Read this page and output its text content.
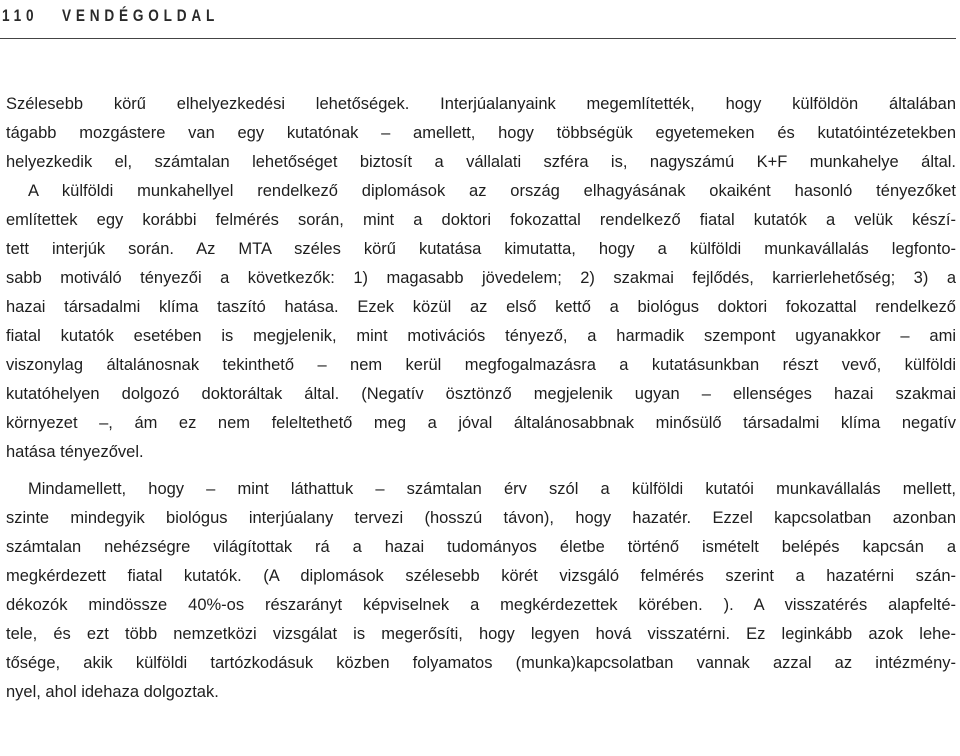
110 VENDÉGOLDAL
Szélesebb körű elhelyezkedési lehetőségek. Interjúalanyaink megemlítették, hogy külföldön általában
tágabb mozgástere van egy kutatónak – amellett, hogy többségük egyetemeken és kutatóintézetekben
helyezkedik el, számtalan lehetőséget biztosít a vállalati szféra is, nagyszámú K+F munkahelye által.
A külföldi munkahellyel rendelkező diplomások az ország elhagyásának okaiként hasonló tényezőket
említettek egy korábbi felmérés során, mint a doktori fokozattal rendelkező fiatal kutatók a velük készí-
tett interjúk során. Az MTA széles körű kutatása kimutatta, hogy a külföldi munkavállalás legfonto-
sabb motiváló tényezői a következők: 1) magasabb jövedelem; 2) szakmai fejlődés, karrierlehetőség; 3) a
hazai társadalmi klíma taszító hatása. Ezek közül az első kettő a biológus doktori fokozattal rendelkező
fiatal kutatók esetében is megjelenik, mint motivációs tényező, a harmadik szempont ugyanakkor – ami
viszonylag általánosnak tekinthető – nem kerül megfogalmazásra a kutatásunkban részt vevő, külföldi
kutatóhelyen dolgozó doktoráltak által. (Negatív ösztönző megjelenik ugyan – ellenséges hazai szakmai
környezet –, ám ez nem feleltethető meg a jóval általánosabbnak minősülő társadalmi klíma negatív
hatása tényezővel.
Mindamellett, hogy – mint láthattuk – számtalan érv szól a külföldi kutatói munkavállalás mellett,
szinte mindegyik biológus interjúalany tervezi (hosszú távon), hogy hazatér. Ezzel kapcsolatban azonban
számtalan nehézségre világítottak rá a hazai tudományos életbe történő ismételt belépés kapcsán a
megkérdezett fiatal kutatók. (A diplomások szélesebb körét vizsgáló felmérés szerint a hazatérni szán-
dékozók mindössze 40%-os részarányt képviselnek a megkérdezettek körében. ). A visszatérés alapfelté-
tele, és ezt több nemzetközi vizsgálat is megerősíti, hogy legyen hová visszatérni. Ez leginkább azok lehe-
tősége, akik külföldi tartózkodásuk közben folyamatos (munka)kapcsolatban vannak azzal az intézmény-
nyel, ahol idehaza dolgoztak.
